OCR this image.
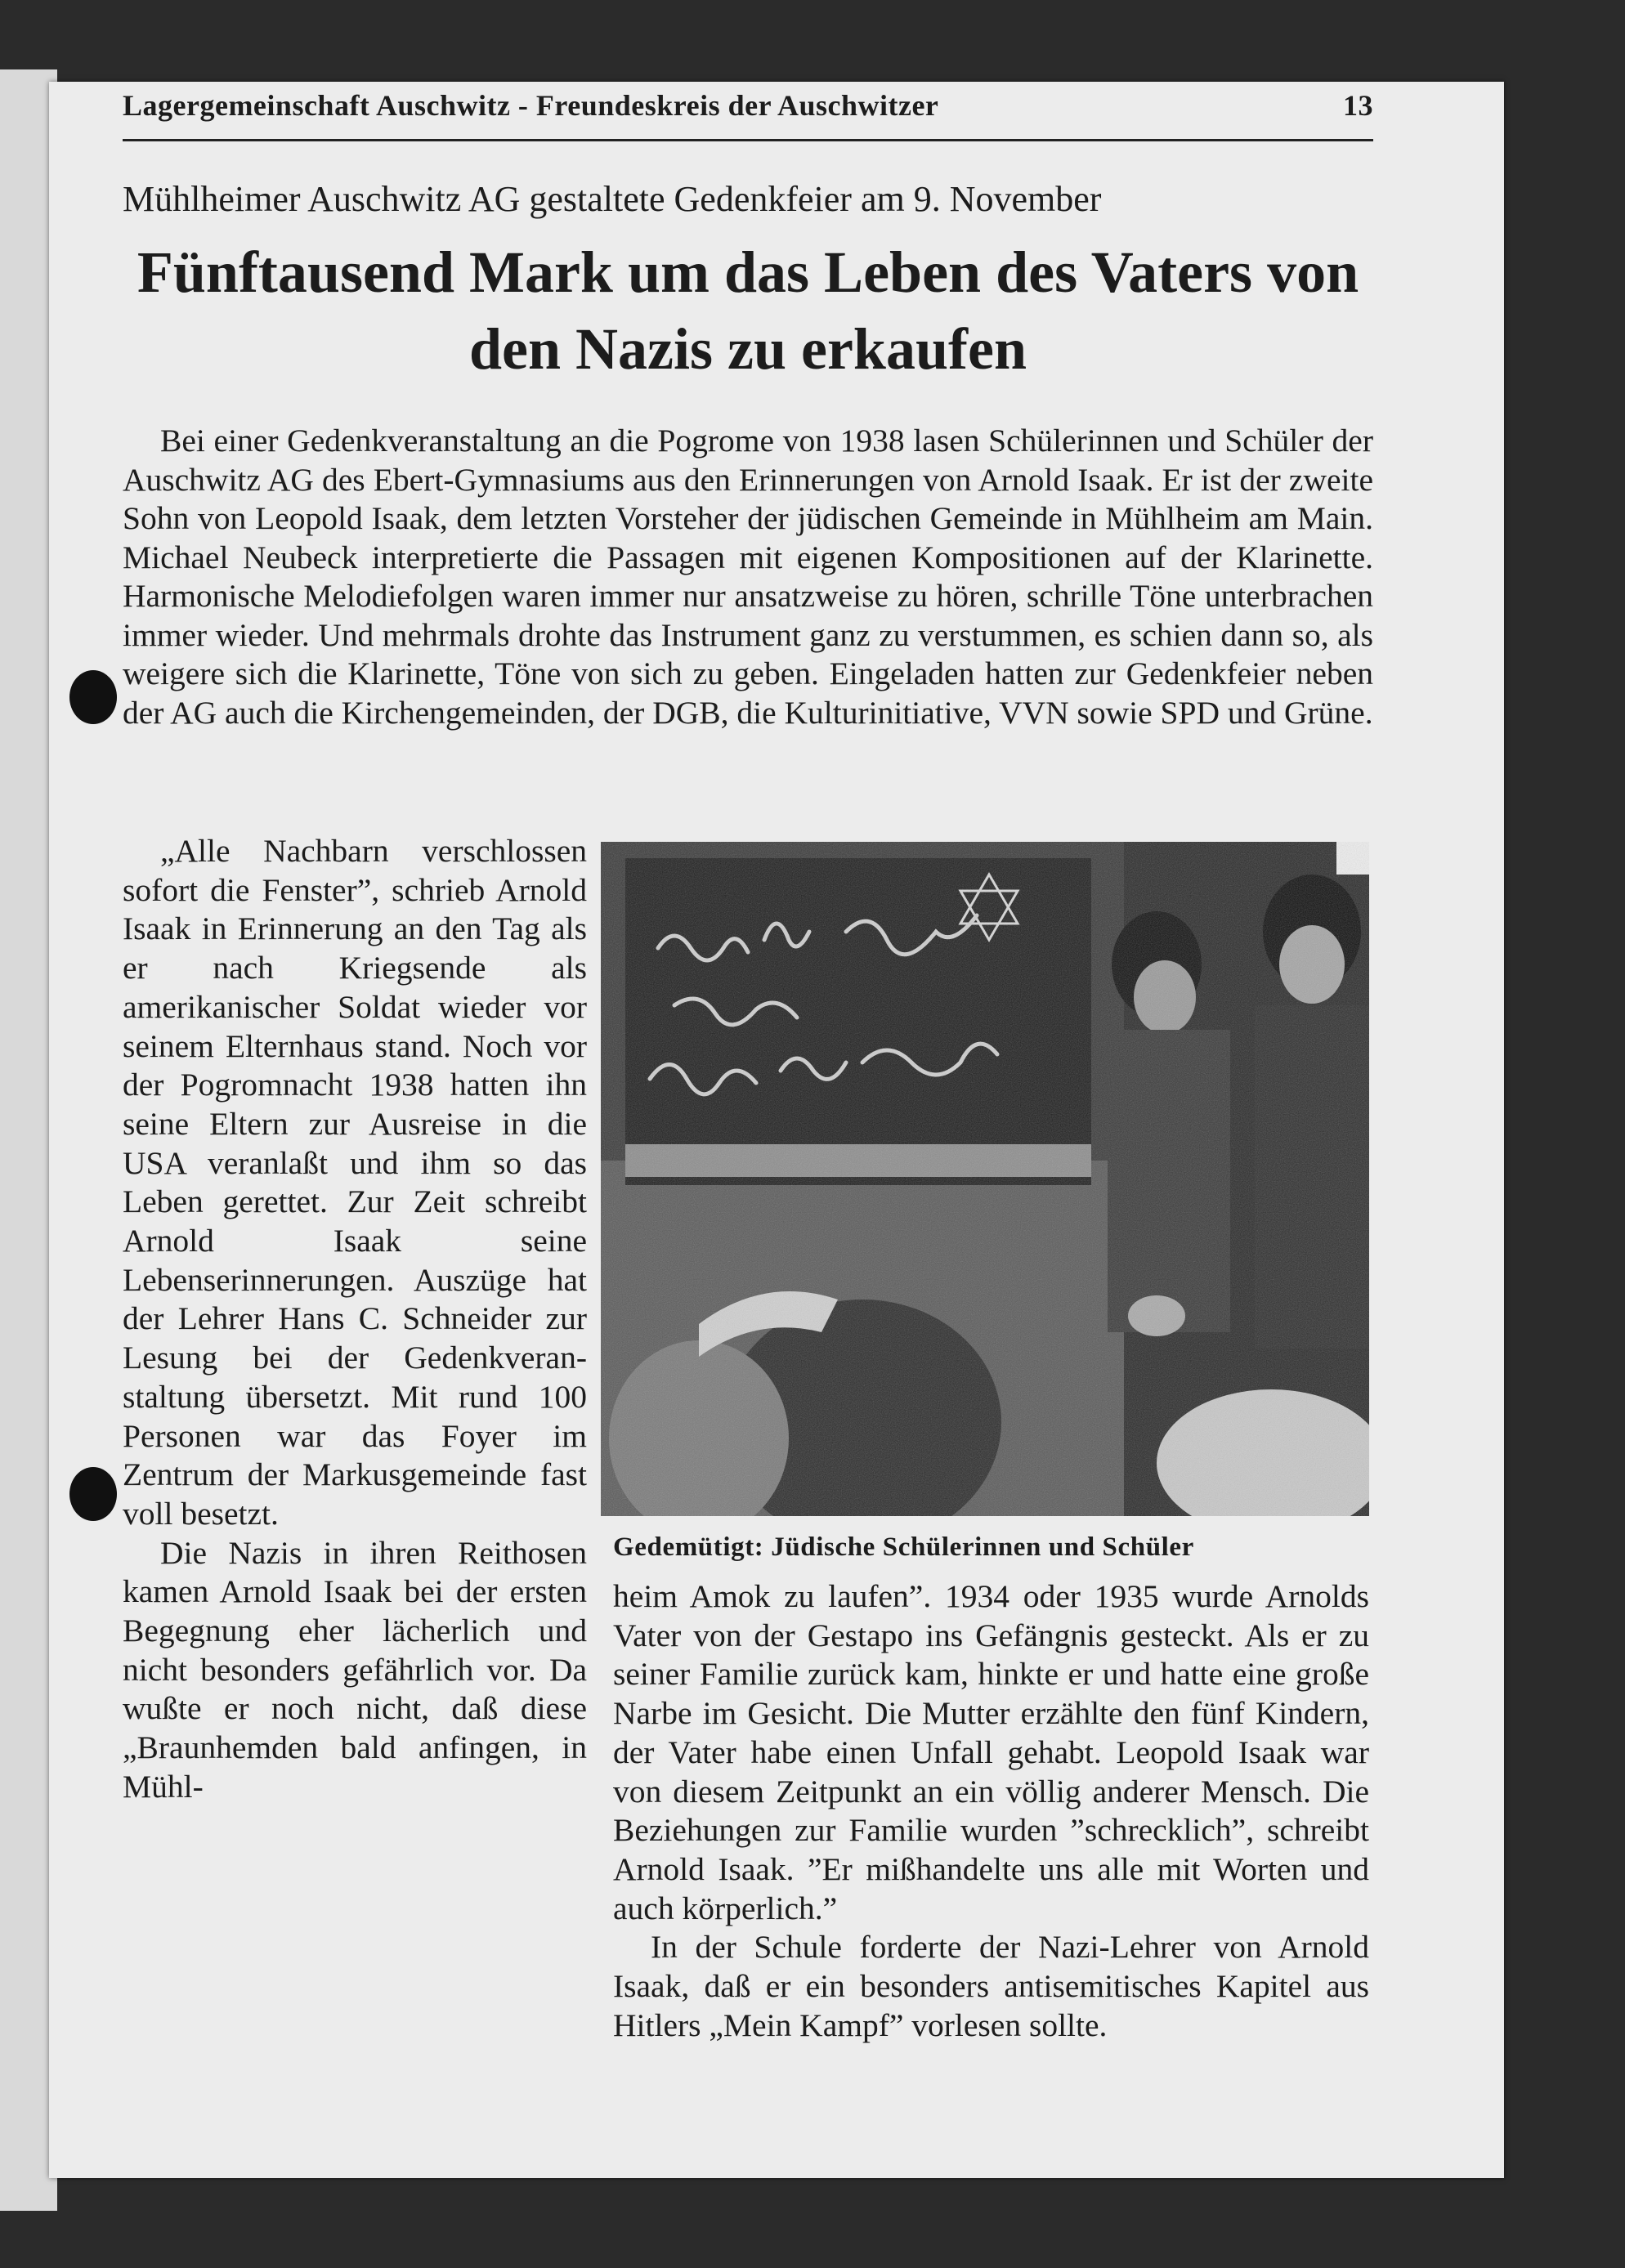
Lagergemeinschaft Auschwitz - Freundeskreis der Auschwitzer	13
Mühlheimer Auschwitz AG gestaltete Gedenkfeier am 9. November
Fünftausend Mark um das Leben des Vaters von den Nazis zu erkaufen
Bei einer Gedenkveranstaltung an die Pogrome von 1938 lasen Schülerinnen und Schüler der Auschwitz AG des Ebert-Gymnasiums aus den Erinnerungen von Arnold Isaak. Er ist der zweite Sohn von Leopold Isaak, dem letzten Vorsteher der jüdischen Gemeinde in Mühlheim am Main. Michael Neubeck interpretierte die Passagen mit eigenen Kompositionen auf der Klarinette. Harmonische Melodiefolgen waren immer nur ansatzweise zu hören, schrille Töne unterbrachen immer wieder. Und mehrmals drohte das Instrument ganz zu verstummen, es schien dann so, als weigere sich die Klarinette, Töne von sich zu geben. Eingeladen hatten zur Gedenkfeier neben der AG auch die Kirchengemeinden, der DGB, die Kulturinitiative, VVN sowie SPD und Grüne.

„Alle Nachbarn verschlossen sofort die Fenster”, schrieb Arnold Isaak in Erinnerung an den Tag als er nach Kriegsende als amerikanischer Soldat wieder vor seinem Elternhaus stand. Noch vor der Pogromnacht 1938 hatten ihn seine Eltern zur Ausreise in die USA veranlaßt und ihm so das Leben gerettet. Zur Zeit schreibt Arnold Isaak seine Lebenserinnerungen. Auszüge hat der Lehrer Hans C. Schneider zur Lesung bei der Gedenkveranstaltung übersetzt. Mit rund 100 Personen war das Foyer im Zentrum der Markusgemeinde fast voll besetzt.

Die Nazis in ihren Reithosen kamen Arnold Isaak bei der ersten Begegnung eher lächerlich und nicht besonders gefährlich vor. Da wußte er noch nicht, daß diese „Braunhemden bald anfingen, in Mühl-

Gedemütigt: Jüdische Schülerinnen und Schüler

heim Amok zu laufen”. 1934 oder 1935 wurde Arnolds Vater von der Gestapo ins Gefängnis gesteckt. Als er zu seiner Familie zurück kam, hinkte er und hatte eine große Narbe im Gesicht. Die Mutter erzählte den fünf Kindern, der Vater habe einen Unfall gehabt. Leopold Isaak war von diesem Zeitpunkt an ein völlig anderer Mensch. Die Beziehungen zur Familie wurden ”schrecklich”, schreibt Arnold Isaak. ”Er mißhandelte uns alle mit Worten und auch körperlich.”

In der Schule forderte der Nazi-Lehrer von Arnold Isaak, daß er ein besonders antisemitisches Kapitel aus Hitlers „Mein Kampf” vorlesen sollte.
